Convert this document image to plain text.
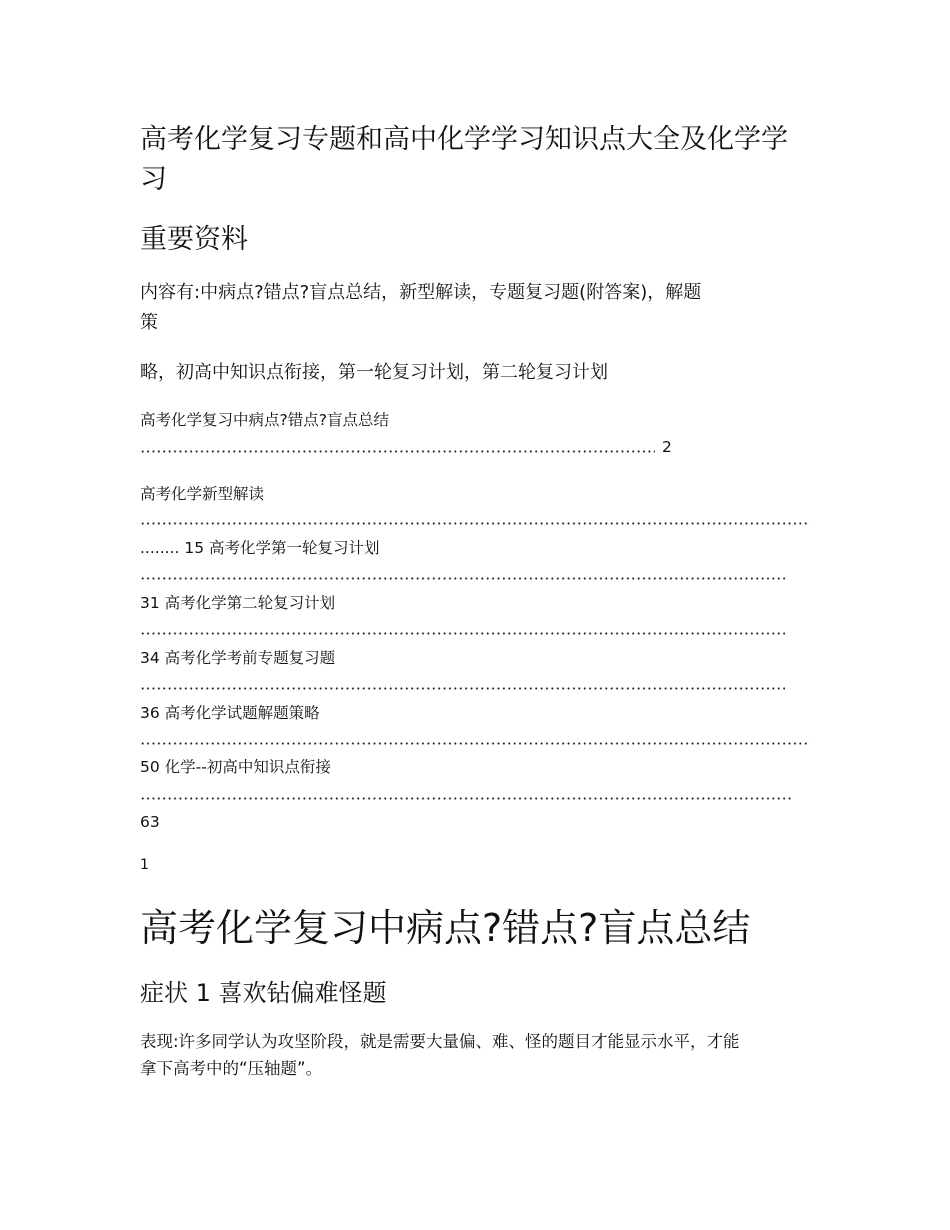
高考化学复习专题和高中化学学习知识点大全及化学学
习
重要资料
内容有:中病点?错点?盲点总结，新型解读，专题复习题(附答案)，解题
策
略，初高中知识点衔接，第一轮复习计划，第二轮复习计划
高考化学复习中病点?错点?盲点总结
2
高考化学新型解读
........ 15 高考化学第一轮复习计划
31 高考化学第二轮复习计划
34 高考化学考前专题复习题
36 高考化学试题解题策略
50 化学--初高中知识点衔接
63
1
高考化学复习中病点?错点?盲点总结
症状 1 喜欢钻偏难怪题
表现:许多同学认为攻坚阶段，就是需要大量偏、难、怪的题目才能显示水平，才能
拿下高考中的“压轴题”。
